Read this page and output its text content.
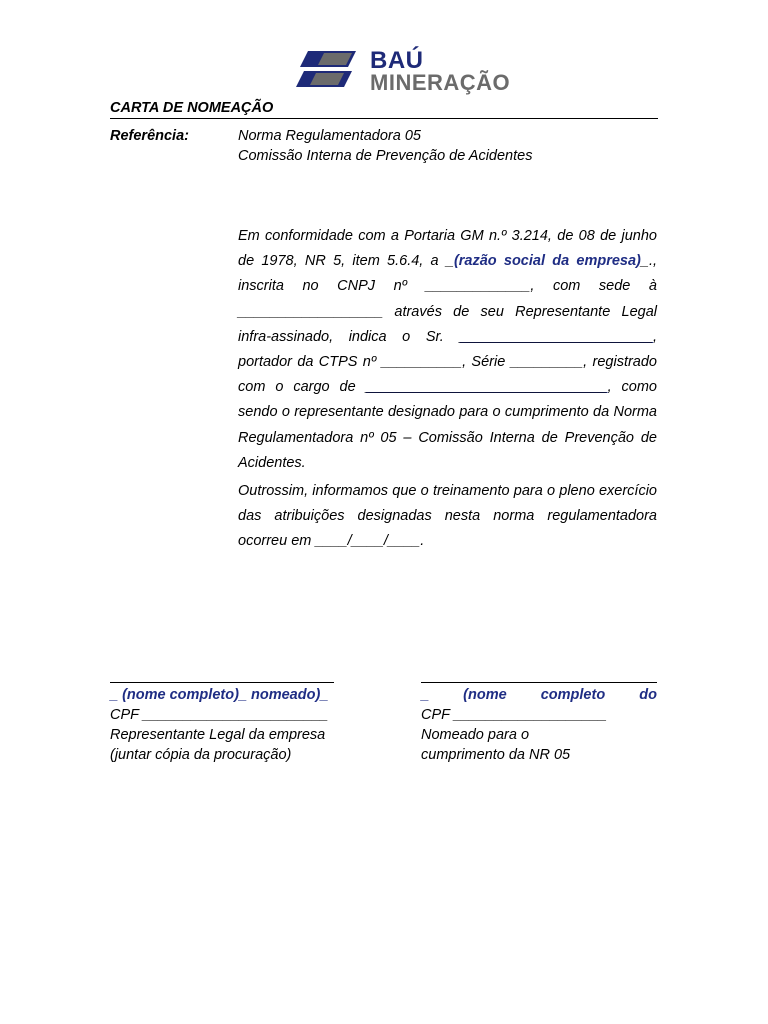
BAÚ
MINERAÇÃO
CARTA DE NOMEAÇÃO
Referência:	Norma Regulamentadora 05
Comissão Interna de Prevenção de Acidentes

Em conformidade com a Portaria GM n.º 3.214, de 08 de junho de 1978, NR 5, item 5.6.4, a _(razão social da empresa)_., inscrita no CNPJ nº _____________, com sede à __________________ através de seu Representante Legal infra-assinado, indica o Sr. ________________________, portador da CTPS nº __________, Série _________, registrado com o cargo de ______________________________, como sendo o representante designado para o cumprimento da Norma Regulamentadora nº 05 – Comissão Interna de Prevenção de Acidentes.

Outrossim, informamos que o treinamento para o pleno exercício das atribuições designadas nesta norma regulamentadora ocorreu em ____/____/____.

_ (nome completo)_ nomeado)_
CPF _______________________
Representante Legal da empresa
(juntar cópia da procuração)
_ (nome completo do
CPF ___________________
Nomeado para o
cumprimento da NR 05
